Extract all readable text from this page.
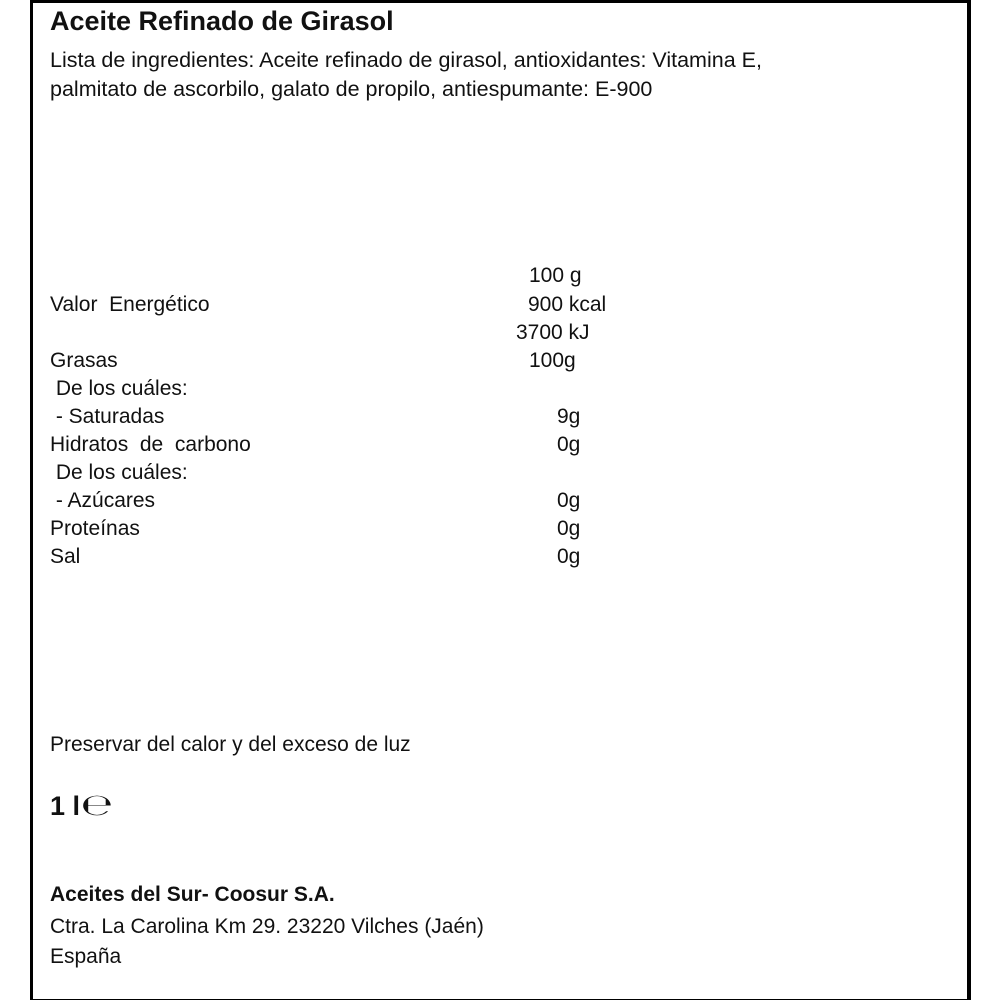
Aceite Refinado de Girasol
Lista de ingredientes: Aceite refinado de girasol, antioxidantes: Vitamina E,
palmitato de ascorbilo, galato de propilo, antiespumante: E-900
100 g
Valor  Energético	900 kcal
3700 kJ
Grasas	100g
De los cuáles:
- Saturadas	9g
Hidratos  de  carbono	0g
De los cuáles:
- Azúcares	0g
Proteínas	0g
Sal	0g
Preservar del calor y del exceso de luz
1 l℮
Aceites del Sur- Coosur S.A.
Ctra. La Carolina Km 29. 23220 Vilches (Jaén)
España
